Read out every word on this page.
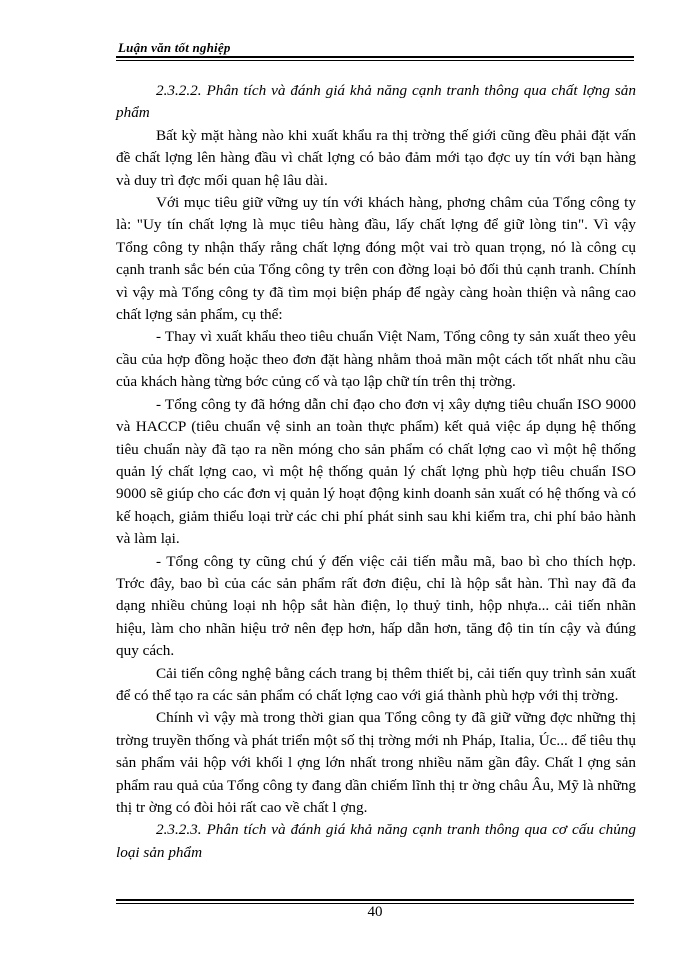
Luận văn tốt nghiệp

2.3.2.2. Phân tích và đánh giá khả năng cạnh tranh thông qua chất lợng sản phẩm

Bất kỳ mặt hàng nào khi xuất khẩu ra thị trờng thế giới cũng đều phải đặt vấn đề chất lợng lên hàng đầu vì chất lợng có bảo đảm mới tạo đợc uy tín với bạn hàng và duy trì đợc mối quan hệ lâu dài.

Với mục tiêu giữ vững uy tín với khách hàng, phơng châm của Tổng công ty là: "Uy tín chất lợng là mục tiêu hàng đầu, lấy chất lợng để giữ lòng tin". Vì vậy Tổng công ty nhận thấy rằng chất lợng đóng một vai trò quan trọng, nó là công cụ cạnh tranh sắc bén của Tổng công ty trên con đờng loại bỏ đối thủ cạnh tranh. Chính vì vậy mà Tổng công ty đã tìm mọi biện pháp để ngày càng hoàn thiện và nâng cao chất lợng sản phẩm, cụ thể:

- Thay vì xuất khẩu theo tiêu chuẩn Việt Nam, Tổng công ty sản xuất theo yêu cầu của hợp đồng hoặc theo đơn đặt hàng nhằm thoả mãn một cách tốt nhất nhu cầu của khách hàng từng bớc củng cố và tạo lập chữ tín trên thị trờng.

- Tổng công ty đã hớng dẫn chỉ đạo cho đơn vị xây dựng tiêu chuẩn ISO 9000 và HACCP (tiêu chuẩn vệ sinh an toàn thực phẩm) kết quả việc áp dụng hệ thống tiêu chuẩn này đã tạo ra nền móng cho sản phẩm có chất lợng cao vì một hệ thống quản lý chất lợng cao, vì một hệ thống quản lý chất lợng phù hợp tiêu chuẩn ISO 9000 sẽ giúp cho các đơn vị quản lý hoạt động kinh doanh sản xuất có hệ thống và có kế hoạch, giảm thiểu loại trừ các chi phí phát sinh sau khi kiểm tra, chi phí bảo hành và làm lại.

- Tổng công ty cũng chú ý đến việc cải tiến mẫu mã, bao bì cho thích hợp. Trớc đây, bao bì của các sản phẩm rất đơn điệu, chỉ là hộp sắt hàn. Thì nay đã đa dạng nhiều chủng loại nh hộp sắt hàn điện, lọ thuỷ tinh, hộp nhựa... cải tiến nhãn hiệu, làm cho nhãn hiệu trở nên đẹp hơn, hấp dẫn hơn, tăng độ tin tín cậy và đúng quy cách.

Cải tiến công nghệ bằng cách trang bị thêm thiết bị, cải tiến quy trình sản xuất để có thể tạo ra các sản phẩm có chất lợng cao với giá thành phù hợp với thị trờng.

Chính vì vậy mà trong thời gian qua Tổng công ty đã giữ vững đợc những thị trờng truyền thống và phát triển một số thị trờng mới nh Pháp, Italia, Úc... để tiêu thụ sản phẩm vải hộp với khối l ợng lớn nhất trong nhiều năm gần đây. Chất l ợng sản phẩm rau quả của Tổng công ty đang dần chiếm lĩnh thị tr ờng châu Âu, Mỹ là những thị tr ờng có đòi hỏi rất cao về chất l ợng.

2.3.2.3. Phân tích và đánh giá khả năng cạnh tranh thông qua cơ cấu chủng loại sản phẩm

40
